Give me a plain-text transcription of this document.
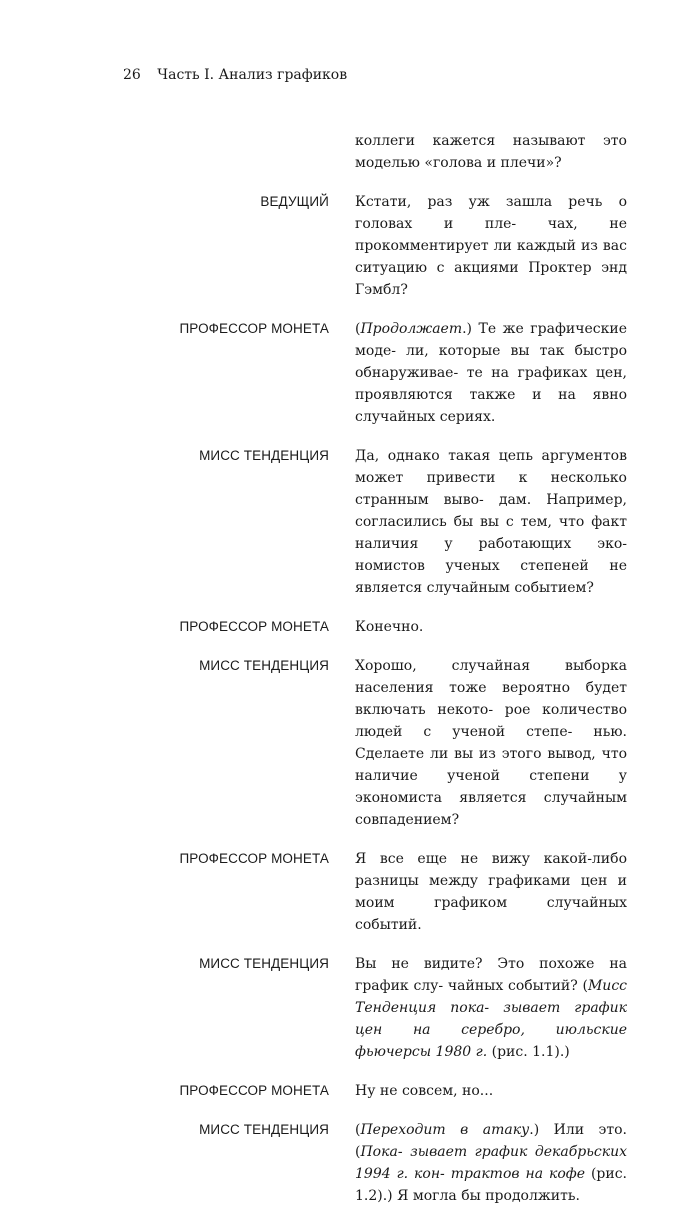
26 Часть I. Анализ графиков
коллеги кажется называют это моделью «голова и плечи»?
ВЕДУЩИЙ Кстати, раз уж зашла речь о головах и пле- чах, не прокомментирует ли каждый из вас ситуацию с акциями Проктер энд Гэмбл?
ПРОФЕССОР МОНЕТА (Продолжает.) Те же графические моде- ли, которые вы так быстро обнаруживае- те на графиках цен, проявляются также и на явно случайных сериях.
МИСС ТЕНДЕНЦИЯ Да, однако такая цепь аргументов может привести к несколько странным выво- дам. Например, согласились бы вы с тем, что факт наличия у работающих эко- номистов ученых степеней не является случайным событием?
ПРОФЕССОР МОНЕТА Конечно.
МИСС ТЕНДЕНЦИЯ Хорошо, случайная выборка населения тоже вероятно будет включать некото- рое количество людей с ученой степе- нью. Сделаете ли вы из этого вывод, что наличие ученой степени у экономиста является случайным совпадением?
ПРОФЕССОР МОНЕТА Я все еще не вижу какой-либо разницы между графиками цен и моим графиком	случайных событий.
МИСС ТЕНДЕНЦИЯ Вы не видите? Это похоже на график слу- чайных событий? (Мисс Тенденция пока- зывает график цен на серебро, июльские фьючерсы 1980 г. (рис. 1.1).)
ПРОФЕССОР МОНЕТА Ну не совсем, но...
МИСС ТЕНДЕНЦИЯ (Переходит в атаку.) Или это. (Пока- зывает график декабрьских 1994 г. кон- трактов на кофе (рис. 1.2).) Я могла бы продолжить.
